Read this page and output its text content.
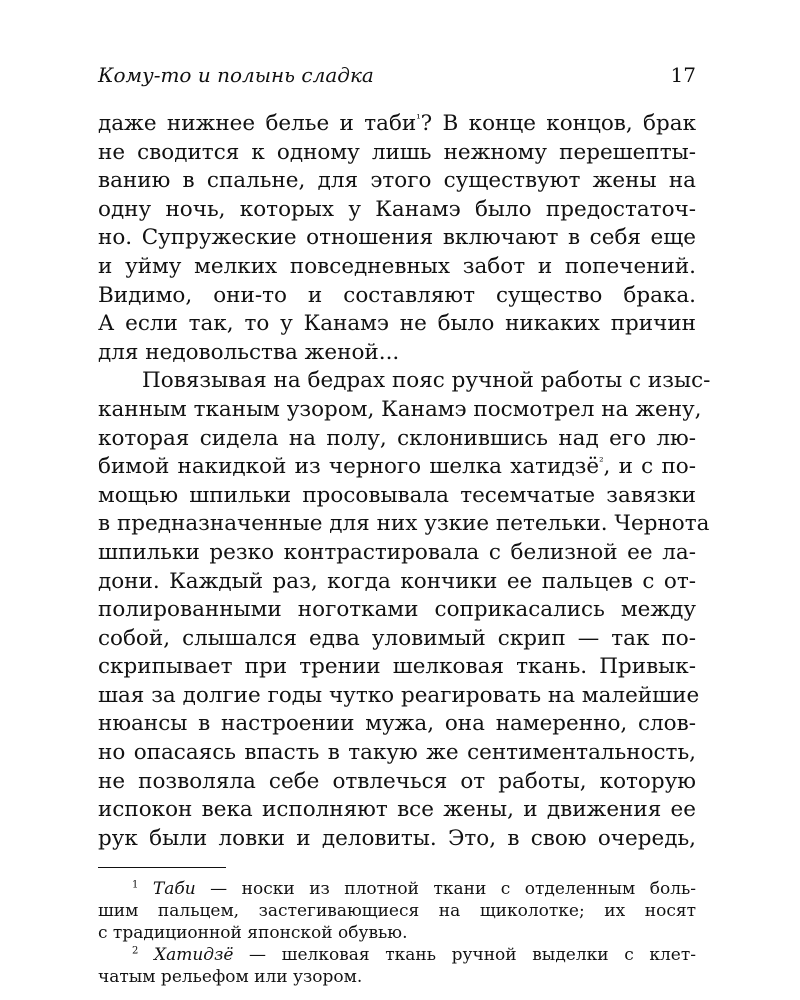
Кому-то и полынь сладка	17
даже нижнее белье и таби$^{^1}$? В конце концов, брак
не сводится к одному лишь нежному перешепты-
ванию в спальне, для этого существуют жены на
одну ночь, которых у Канамэ было предостаточ-
но. Супружеские отношения включают в себя еще
и уйму мелких повседневных забот и попечений.
Видимо, они-то и составляют существо брака.
А если так, то у Канамэ не было никаких причин
для недовольства женой...
Повязывая на бедрах пояс ручной работы с изыс-
канным тканым узором, Канамэ посмотрел на жену,
которая сидела на полу, склонившись над его лю-
бимой накидкой из черного шелка хатидзё$^{^2}$, и с по-
мощью шпильки просовывала тесемчатые завязки
в предназначенные для них узкие петельки. Чернота
шпильки резко контрастировала с белизной ее ла-
дони. Каждый раз, когда кончики ее пальцев с от-
полированными ноготками соприкасались между
собой, слышался едва уловимый скрип — так по-
скрипывает при трении шелковая ткань. Привык-
шая за долгие годы чутко реагировать на малейшие
нюансы в настроении мужа, она намеренно, слов-
но опасаясь впасть в такую же сентиментальность,
не позволяла себе отвлечься от работы, которую
испокон века исполняют все жены, и движения ее
рук были ловки и деловиты. Это, в свою очередь,
$^1$ Таби — носки из плотной ткани с отделенным боль-
шим пальцем, застегивающиеся на щиколотке; их носят
с традиционной японской обувью.
$^2$ Хатидзё — шелковая ткань ручной выделки с клет-
чатым рельефом или узором.
